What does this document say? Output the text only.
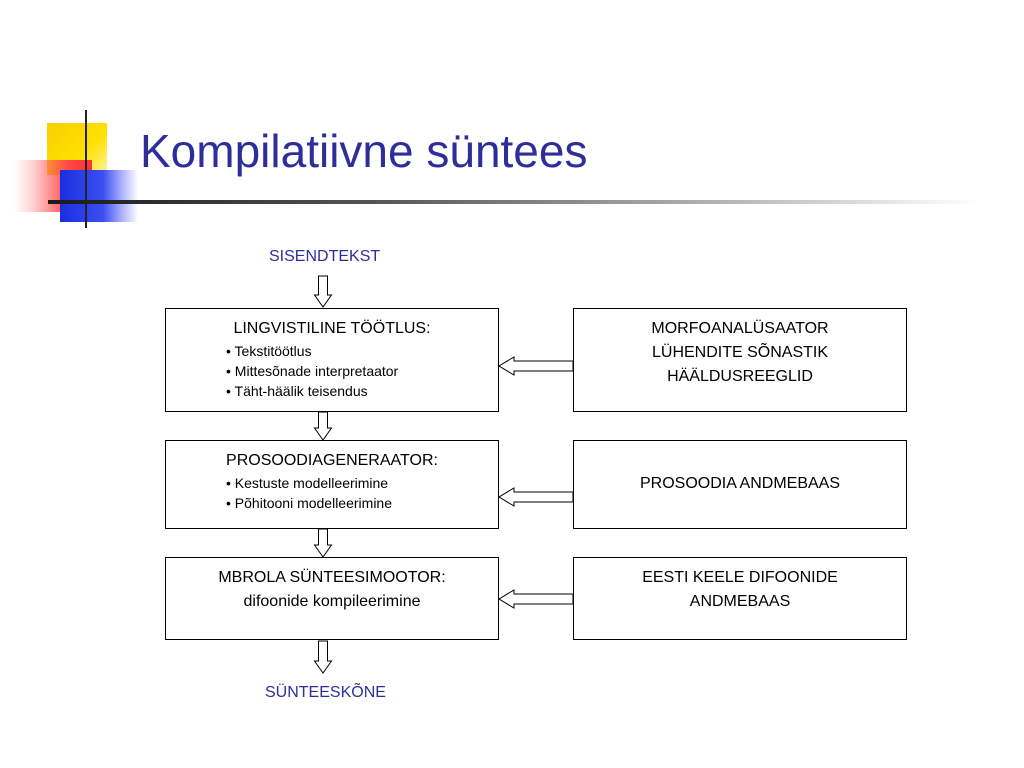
Kompilatiivne süntees
SISENDTEKST
SÜNTEESKÕNE
LINGVISTILINE TÖÖTLUS:
• Tekstitöötlus
• Mittesõnade interpretaator
• Täht-häälik teisendus
PROSOODIAGENERAATOR:
• Kestuste modelleerimine
• Põhitooni modelleerimine
MBROLA SÜNTEESIMOOTOR:
difoonide kompileerimine
MORFOANALÜSAATOR
LÜHENDITE SÕNASTIK
HÄÄLDUSREEGLID
PROSOODIA ANDMEBAAS
EESTI KEELE DIFOONIDE
ANDMEBAAS
